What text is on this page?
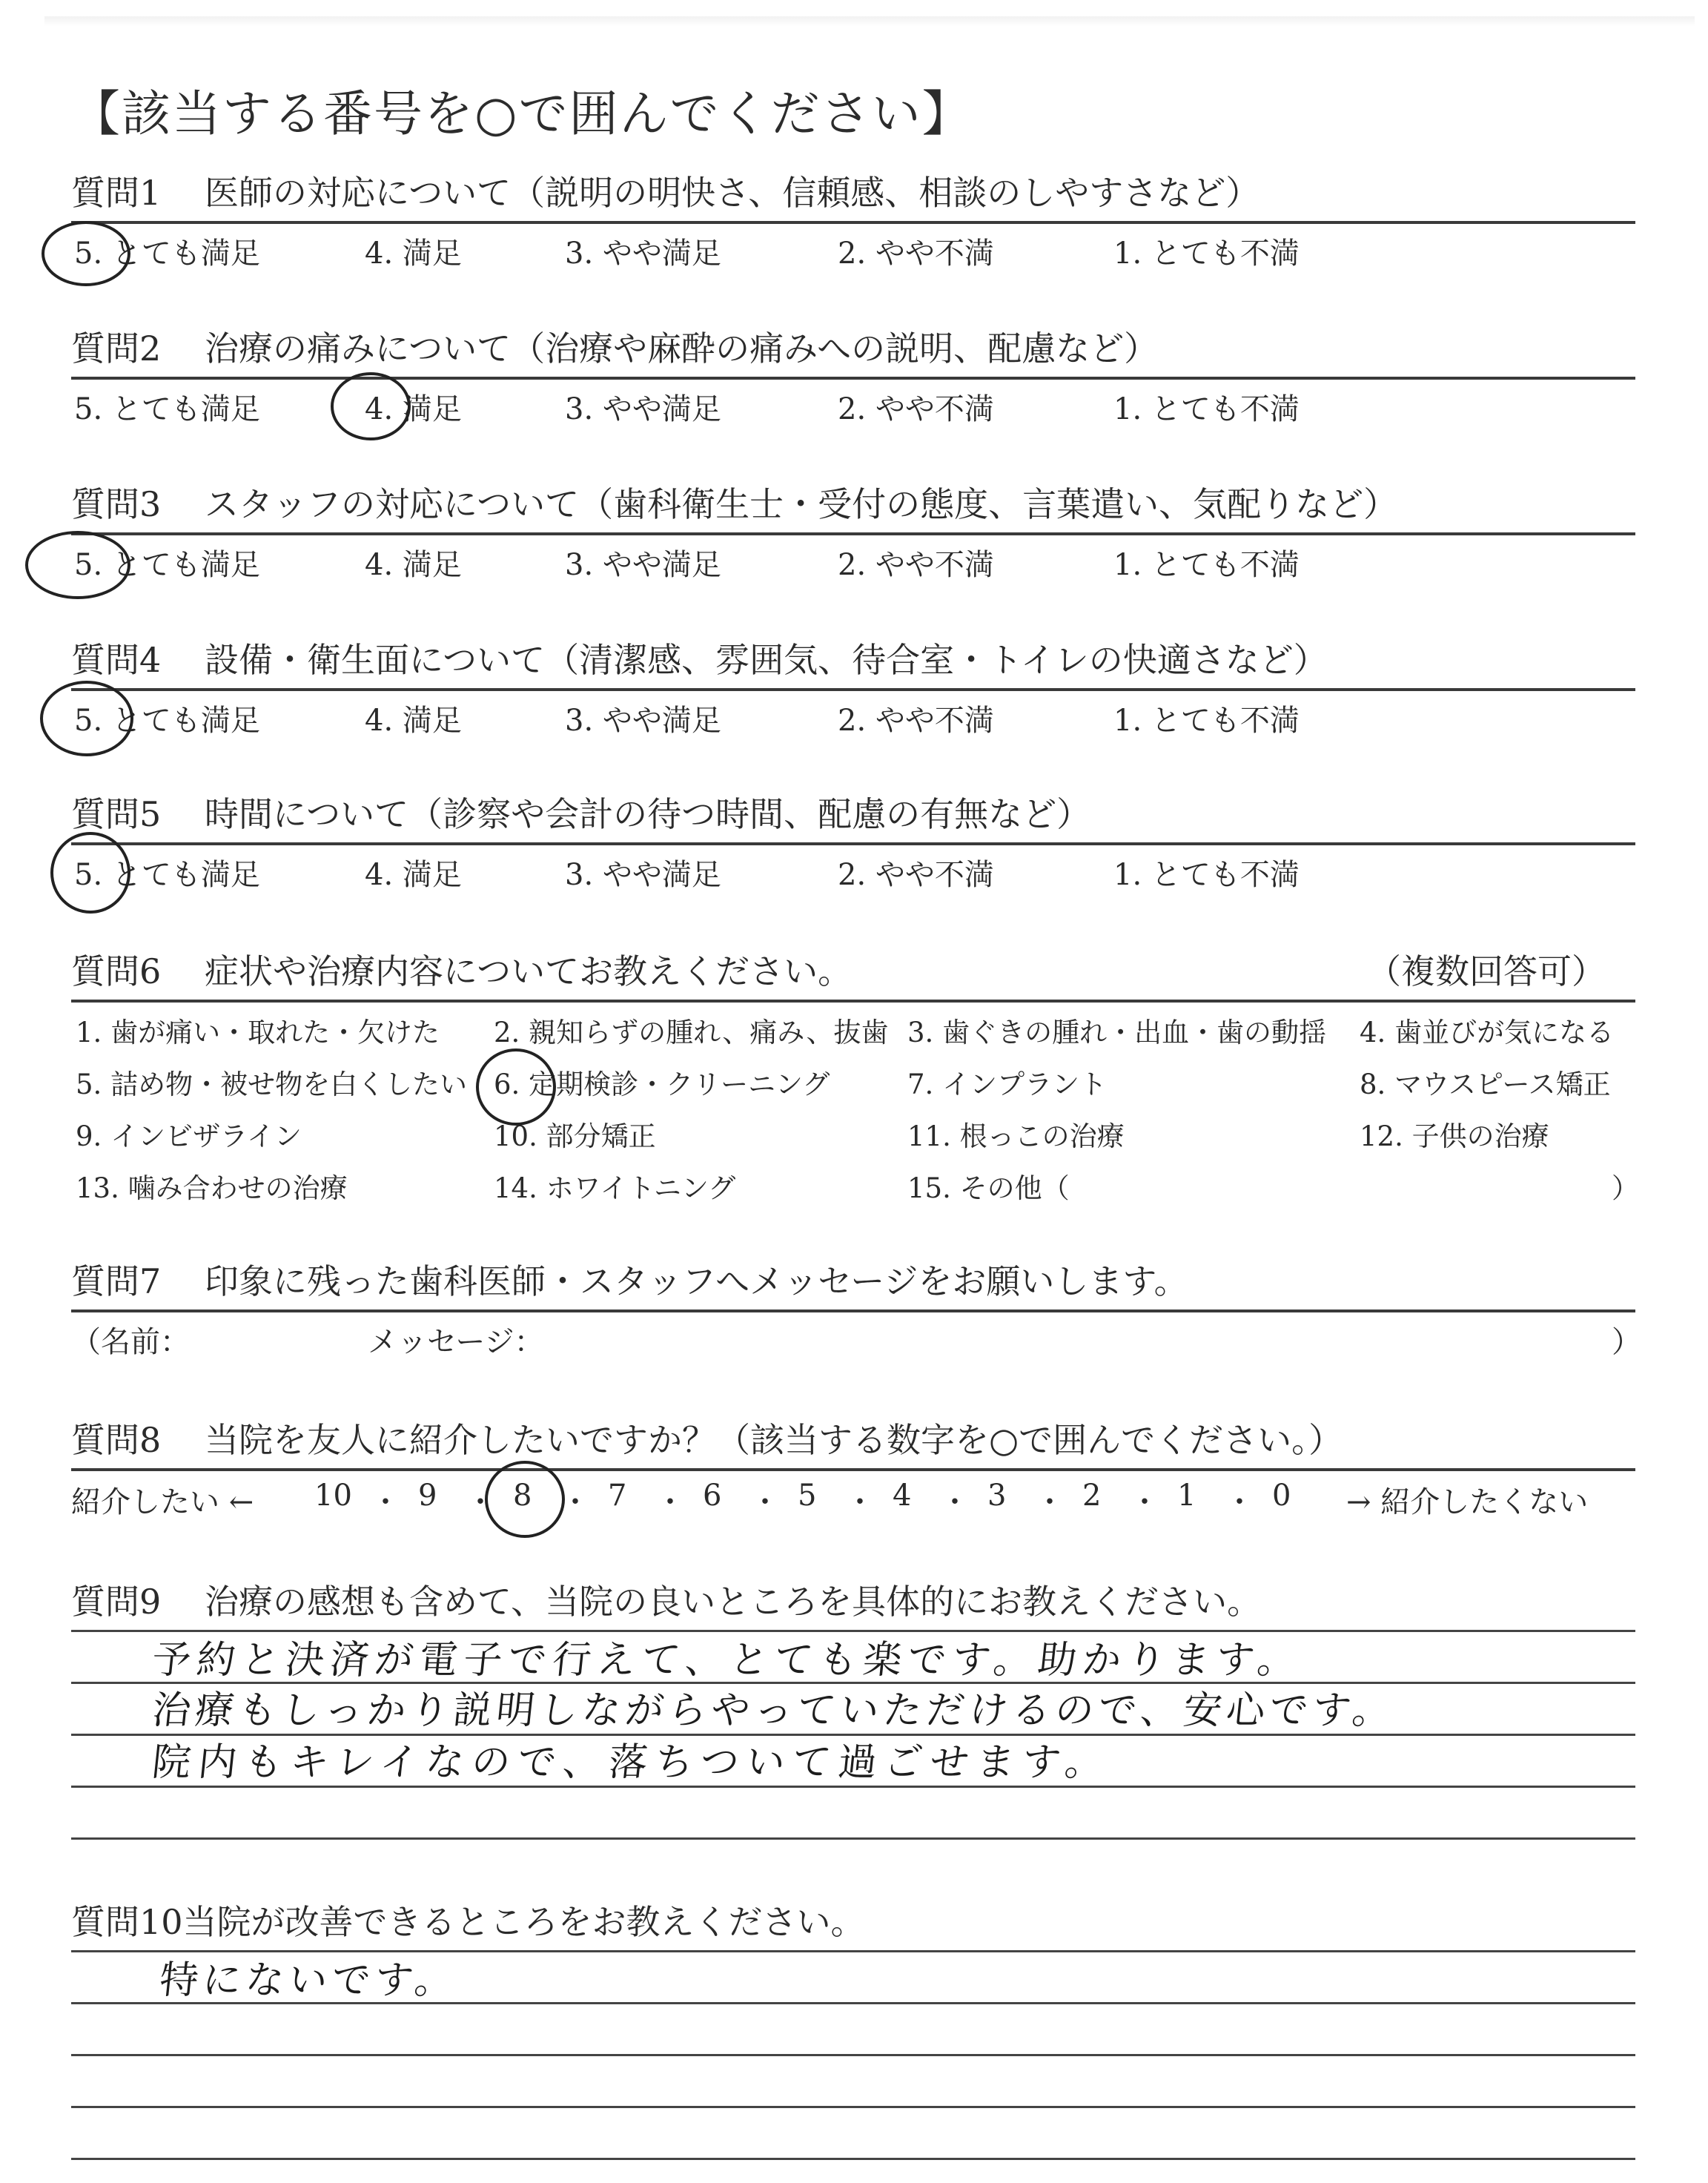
【該当する番号を○で囲んでください】
質問1 医師の対応について（説明の明快さ、信頼感、相談のしやすさなど）
5. とても満足	4. 満足	3. やや満足	2. やや不満	1. とても不満
質問2 治療の痛みについて（治療や麻酔の痛みへの説明、配慮など）
5. とても満足	4. 満足	3. やや満足	2. やや不満	1. とても不満
質問3 スタッフの対応について（歯科衛生士・受付の態度、言葉遣い、気配りなど）
5. とても満足	4. 満足	3. やや満足	2. やや不満	1. とても不満
質問4 設備・衛生面について（清潔感、雰囲気、待合室・トイレの快適さなど）
5. とても満足	4. 満足	3. やや満足	2. やや不満	1. とても不満
質問5 時間について（診察や会計の待つ時間、配慮の有無など）
5. とても満足	4. 満足	3. やや満足	2. やや不満	1. とても不満
質問6 症状や治療内容についてお教えください。	（複数回答可）
1. 歯が痛い・取れた・欠けた 2. 親知らずの腫れ、痛み、抜歯 3. 歯ぐきの腫れ・出血・歯の動揺 4. 歯並びが気になる
5. 詰め物・被せ物を白くしたい 6. 定期検診・クリーニング	7. インプラント	8. マウスピース矯正
9. インビザライン	10. 部分矯正	11. 根っこの治療	12. 子供の治療
13. 噛み合わせの治療	14. ホワイトニング	15. その他（	）
質問7 印象に残った歯科医師・スタッフへメッセージをお願いします。
（名前：	メッセージ：	）
質問8 当院を友人に紹介したいですか？（該当する数字を○で囲んでください。）
紹介したい ←	→ 紹介したくない
10 ・ 9 ・ 8 ・ 7 ・ 6 ・ 5 ・ 4 ・ 3 ・ 2 ・ 1 ・ 0
質問9 治療の感想も含めて、当院の良いところを具体的にお教えください。
予約と決済が電子で行えて、とても楽です。助かります。
治療もしっかり説明しながらやっていただけるので、安心です。
院内もキレイなので、落ちついて過ごせます。
質問10当院が改善できるところをお教えください。
特にないです。
